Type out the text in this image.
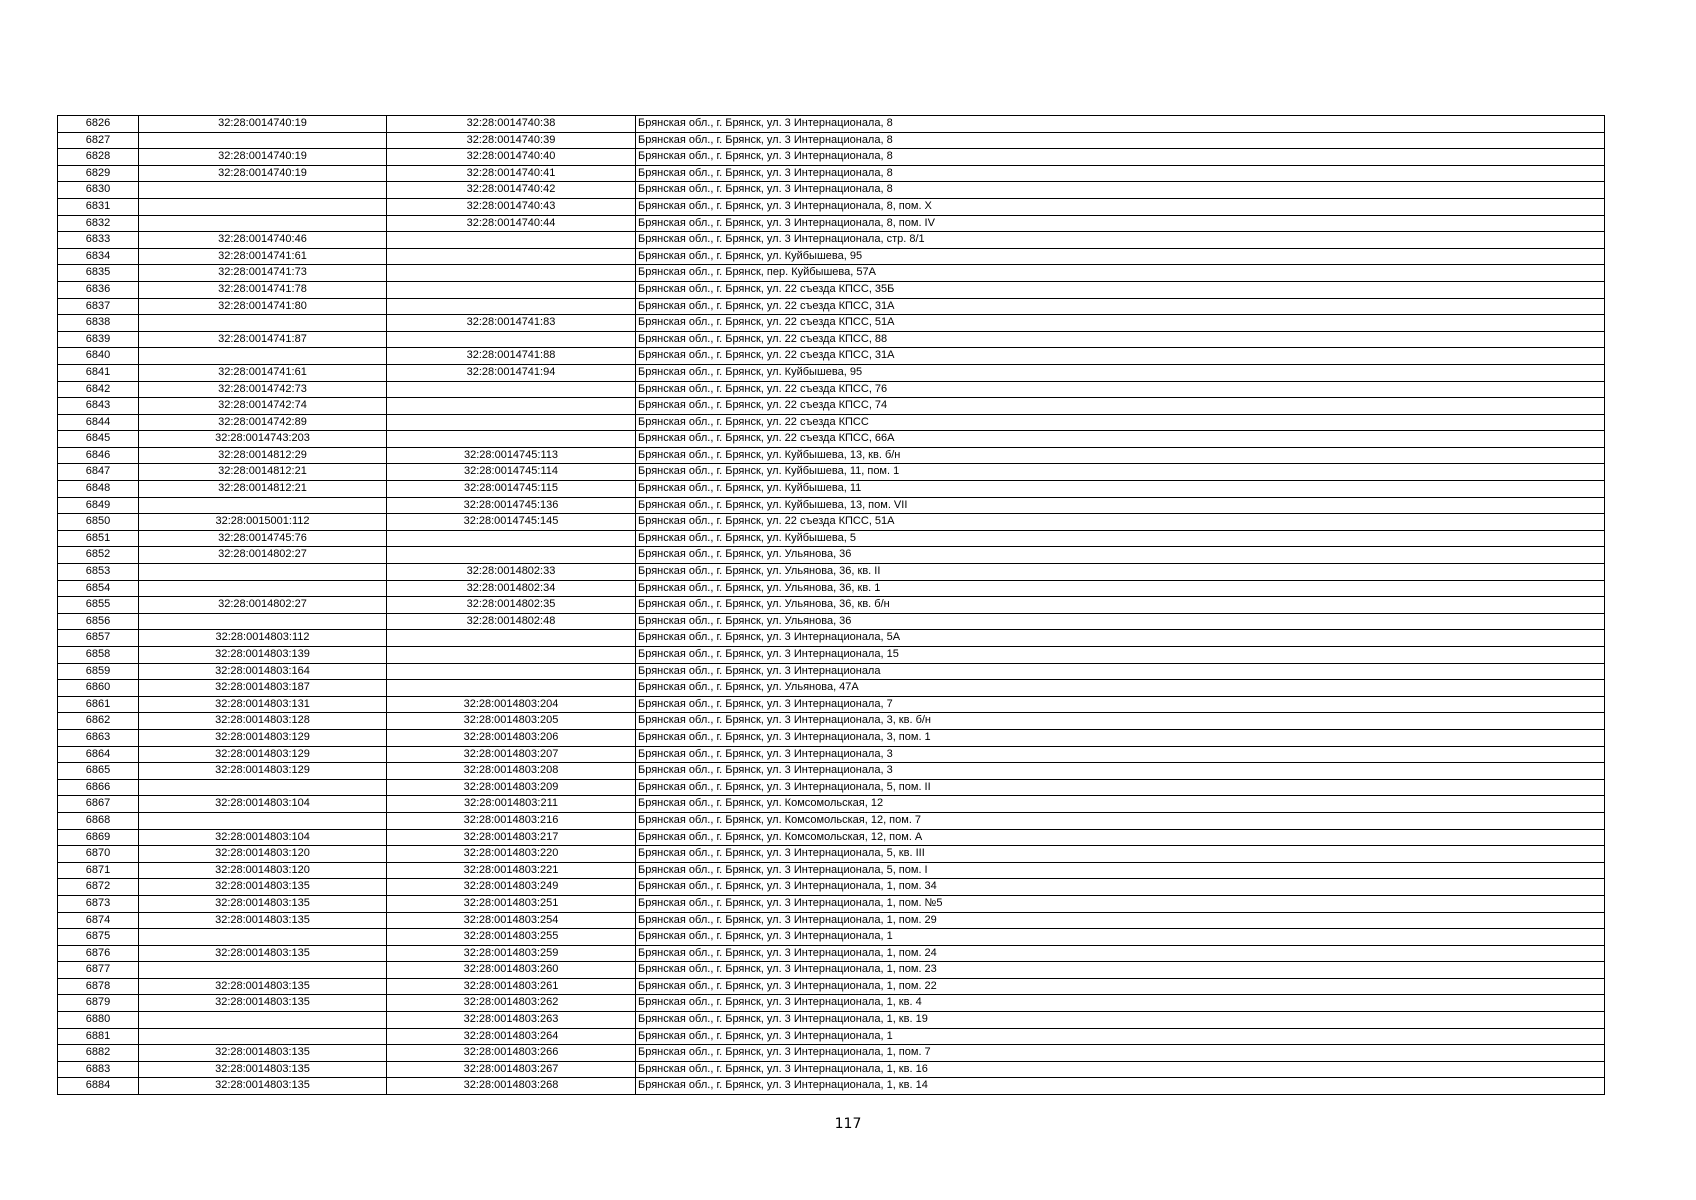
6826	32:28:0014740:19	32:28:0014740:38	Брянская обл., г. Брянск, ул. 3 Интернационала, 8
6827		32:28:0014740:39	Брянская обл., г. Брянск, ул. 3 Интернационала, 8
6828	32:28:0014740:19	32:28:0014740:40	Брянская обл., г. Брянск, ул. 3 Интернационала, 8
6829	32:28:0014740:19	32:28:0014740:41	Брянская обл., г. Брянск, ул. 3 Интернационала, 8
6830		32:28:0014740:42	Брянская обл., г. Брянск, ул. 3 Интернационала, 8
6831		32:28:0014740:43	Брянская обл., г. Брянск, ул. 3 Интернационала, 8, пом. X
6832		32:28:0014740:44	Брянская обл., г. Брянск, ул. 3 Интернационала, 8, пом. IV
6833	32:28:0014740:46		Брянская обл., г. Брянск, ул. 3 Интернационала, стр. 8/1
6834	32:28:0014741:61		Брянская обл., г. Брянск, ул. Куйбышева, 95
6835	32:28:0014741:73		Брянская обл., г. Брянск, пер. Куйбышева, 57А
6836	32:28:0014741:78		Брянская обл., г. Брянск, ул. 22 съезда КПСС, 35Б
6837	32:28:0014741:80		Брянская обл., г. Брянск, ул. 22 съезда КПСС, 31А
6838		32:28:0014741:83	Брянская обл., г. Брянск, ул. 22 съезда КПСС, 51А
6839	32:28:0014741:87		Брянская обл., г. Брянск, ул. 22 съезда КПСС, 88
6840		32:28:0014741:88	Брянская обл., г. Брянск, ул. 22 съезда КПСС, 31А
6841	32:28:0014741:61	32:28:0014741:94	Брянская обл., г. Брянск, ул. Куйбышева, 95
6842	32:28:0014742:73		Брянская обл., г. Брянск, ул. 22 съезда КПСС, 76
6843	32:28:0014742:74		Брянская обл., г. Брянск, ул. 22 съезда КПСС, 74
6844	32:28:0014742:89		Брянская обл., г. Брянск, ул. 22 съезда КПСС
6845	32:28:0014743:203		Брянская обл., г. Брянск, ул. 22 съезда КПСС, 66А
6846	32:28:0014812:29	32:28:0014745:113	Брянская обл., г. Брянск, ул. Куйбышева, 13, кв. б/н
6847	32:28:0014812:21	32:28:0014745:114	Брянская обл., г. Брянск, ул. Куйбышева, 11, пом. 1
6848	32:28:0014812:21	32:28:0014745:115	Брянская обл., г. Брянск, ул. Куйбышева, 11
6849		32:28:0014745:136	Брянская обл., г. Брянск, ул. Куйбышева, 13, пом. VII
6850	32:28:0015001:112	32:28:0014745:145	Брянская обл., г. Брянск, ул. 22 съезда КПСС, 51А
6851	32:28:0014745:76		Брянская обл., г. Брянск, ул. Куйбышева, 5
6852	32:28:0014802:27		Брянская обл., г. Брянск, ул. Ульянова, 36
6853		32:28:0014802:33	Брянская обл., г. Брянск, ул. Ульянова, 36, кв. II
6854		32:28:0014802:34	Брянская обл., г. Брянск, ул. Ульянова, 36, кв. 1
6855	32:28:0014802:27	32:28:0014802:35	Брянская обл., г. Брянск, ул. Ульянова, 36, кв. б/н
6856		32:28:0014802:48	Брянская обл., г. Брянск, ул. Ульянова, 36
6857	32:28:0014803:112		Брянская обл., г. Брянск, ул. 3 Интернационала, 5А
6858	32:28:0014803:139		Брянская обл., г. Брянск, ул. 3 Интернационала, 15
6859	32:28:0014803:164		Брянская обл., г. Брянск, ул. 3 Интернационала
6860	32:28:0014803:187		Брянская обл., г. Брянск, ул. Ульянова, 47А
6861	32:28:0014803:131	32:28:0014803:204	Брянская обл., г. Брянск, ул. 3 Интернационала, 7
6862	32:28:0014803:128	32:28:0014803:205	Брянская обл., г. Брянск, ул. 3 Интернационала, 3, кв. б/н
6863	32:28:0014803:129	32:28:0014803:206	Брянская обл., г. Брянск, ул. 3 Интернационала, 3, пом. 1
6864	32:28:0014803:129	32:28:0014803:207	Брянская обл., г. Брянск, ул. 3 Интернационала, 3
6865	32:28:0014803:129	32:28:0014803:208	Брянская обл., г. Брянск, ул. 3 Интернационала, 3
6866		32:28:0014803:209	Брянская обл., г. Брянск, ул. 3 Интернационала, 5, пом. II
6867	32:28:0014803:104	32:28:0014803:211	Брянская обл., г. Брянск, ул. Комсомольская, 12
6868		32:28:0014803:216	Брянская обл., г. Брянск, ул. Комсомольская, 12, пом. 7
6869	32:28:0014803:104	32:28:0014803:217	Брянская обл., г. Брянск, ул. Комсомольская, 12, пом. А
6870	32:28:0014803:120	32:28:0014803:220	Брянская обл., г. Брянск, ул. 3 Интернационала, 5, кв. III
6871	32:28:0014803:120	32:28:0014803:221	Брянская обл., г. Брянск, ул. 3 Интернационала, 5, пом. I
6872	32:28:0014803:135	32:28:0014803:249	Брянская обл., г. Брянск, ул. 3 Интернационала, 1, пом. 34
6873	32:28:0014803:135	32:28:0014803:251	Брянская обл., г. Брянск, ул. 3 Интернационала, 1, пом. №5
6874	32:28:0014803:135	32:28:0014803:254	Брянская обл., г. Брянск, ул. 3 Интернационала, 1, пом. 29
6875		32:28:0014803:255	Брянская обл., г. Брянск, ул. 3 Интернационала, 1
6876	32:28:0014803:135	32:28:0014803:259	Брянская обл., г. Брянск, ул. 3 Интернационала, 1, пом. 24
6877		32:28:0014803:260	Брянская обл., г. Брянск, ул. 3 Интернационала, 1, пом. 23
6878	32:28:0014803:135	32:28:0014803:261	Брянская обл., г. Брянск, ул. 3 Интернационала, 1, пом. 22
6879	32:28:0014803:135	32:28:0014803:262	Брянская обл., г. Брянск, ул. 3 Интернационала, 1, кв. 4
6880		32:28:0014803:263	Брянская обл., г. Брянск, ул. 3 Интернационала, 1, кв. 19
6881		32:28:0014803:264	Брянская обл., г. Брянск, ул. 3 Интернационала, 1
6882	32:28:0014803:135	32:28:0014803:266	Брянская обл., г. Брянск, ул. 3 Интернационала, 1, пом. 7
6883	32:28:0014803:135	32:28:0014803:267	Брянская обл., г. Брянск, ул. 3 Интернационала, 1, кв. 16
6884	32:28:0014803:135	32:28:0014803:268	Брянская обл., г. Брянск, ул. 3 Интернационала, 1, кв. 14
117
